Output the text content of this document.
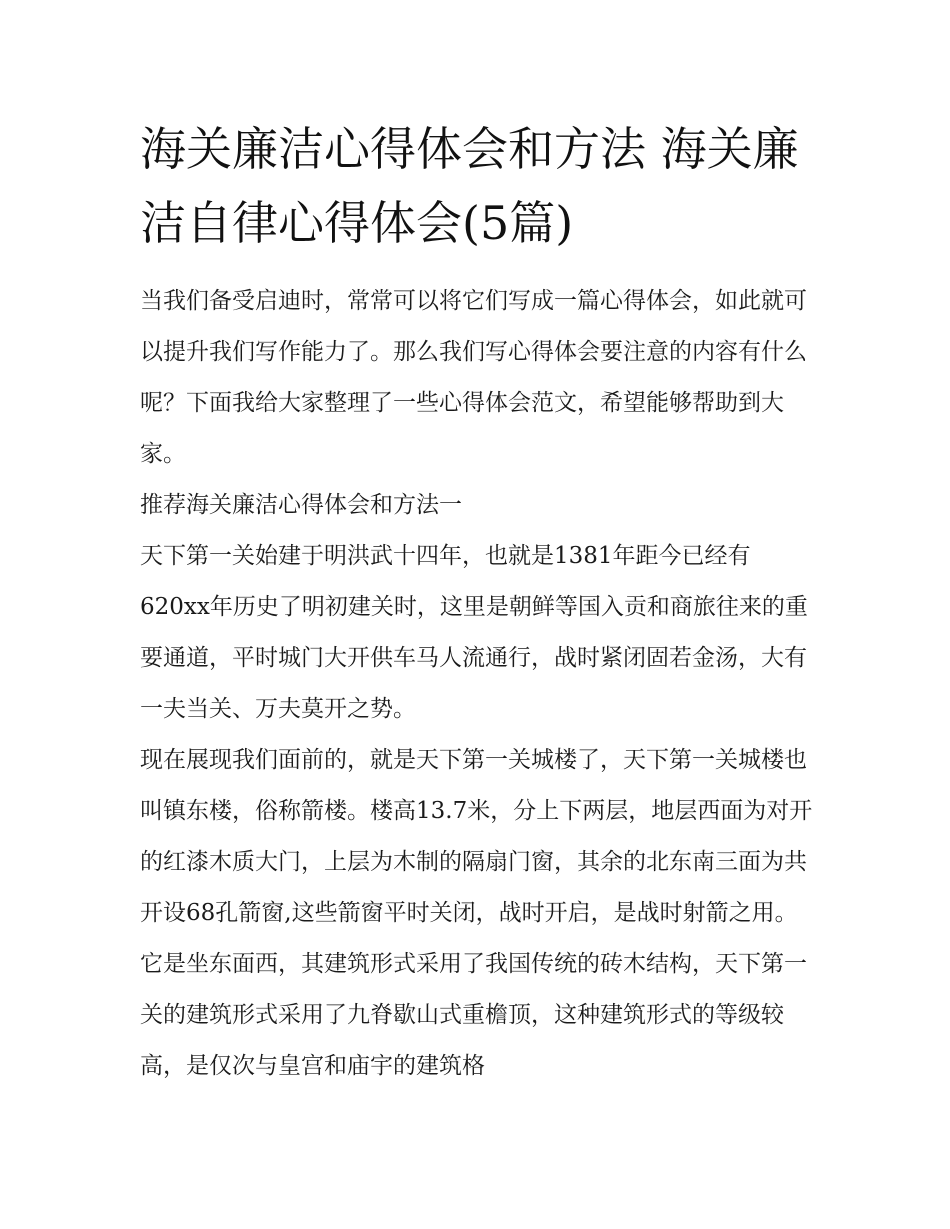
海关廉洁心得体会和方法 海关廉洁自律心得体会(5篇)

当我们备受启迪时，常常可以将它们写成一篇心得体会，如此就可以提升我们写作能力了。那么我们写心得体会要注意的内容有什么呢？下面我给大家整理了一些心得体会范文，希望能够帮助到大家。

推荐海关廉洁心得体会和方法一

天下第一关始建于明洪武十四年，也就是1381年距今已经有620xx年历史了明初建关时，这里是朝鲜等国入贡和商旅往来的重要通道，平时城门大开供车马人流通行，战时紧闭固若金汤，大有一夫当关、万夫莫开之势。

现在展现我们面前的，就是天下第一关城楼了，天下第一关城楼也叫镇东楼，俗称箭楼。楼高13.7米，分上下两层，地层西面为对开的红漆木质大门，上层为木制的隔扇门窗，其余的北东南三面为共开设68孔箭窗,这些箭窗平时关闭，战时开启，是战时射箭之用。它是坐东面西，其建筑形式采用了我国传统的砖木结构，天下第一关的建筑形式采用了九脊歇山式重檐顶，这种建筑形式的等级较高，是仅次与皇宫和庙宇的建筑格
